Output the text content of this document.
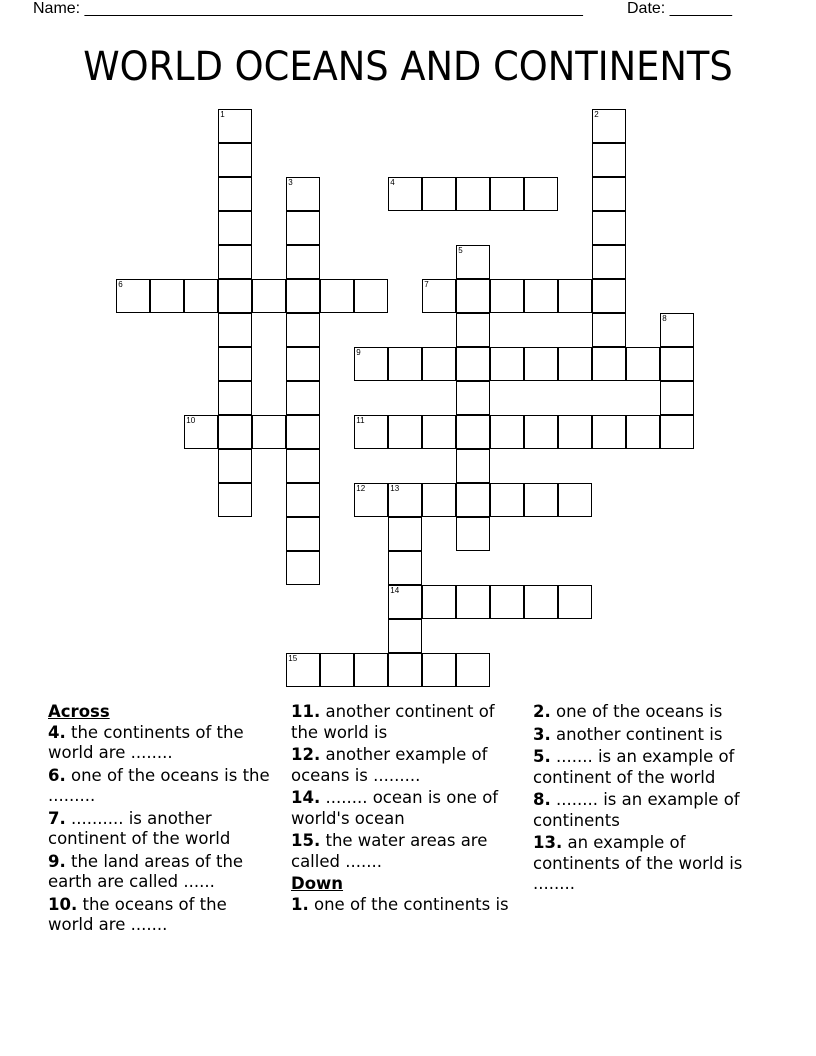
Name: ________________________________________________________	Date: _______
WORLD OCEANS AND CONTINENTS
1	2
3	4
5
6	7
8
9
10	11
12	13
14
15
Across
4. the continents of the world are ........
6. one of the oceans is the .........
7. .......... is another continent of the world
9. the land areas of the earth are called ......
10. the oceans of the world are .......
11. another continent of the world is
12. another example of oceans is .........
14. ........ ocean is one of world's ocean
15. the water areas are called .......
Down
1. one of the continents is
2. one of the oceans is
3. another continent is
5. ....... is an example of continent of the world
8. ........ is an example of continents
13. an example of continents of the world is ........
